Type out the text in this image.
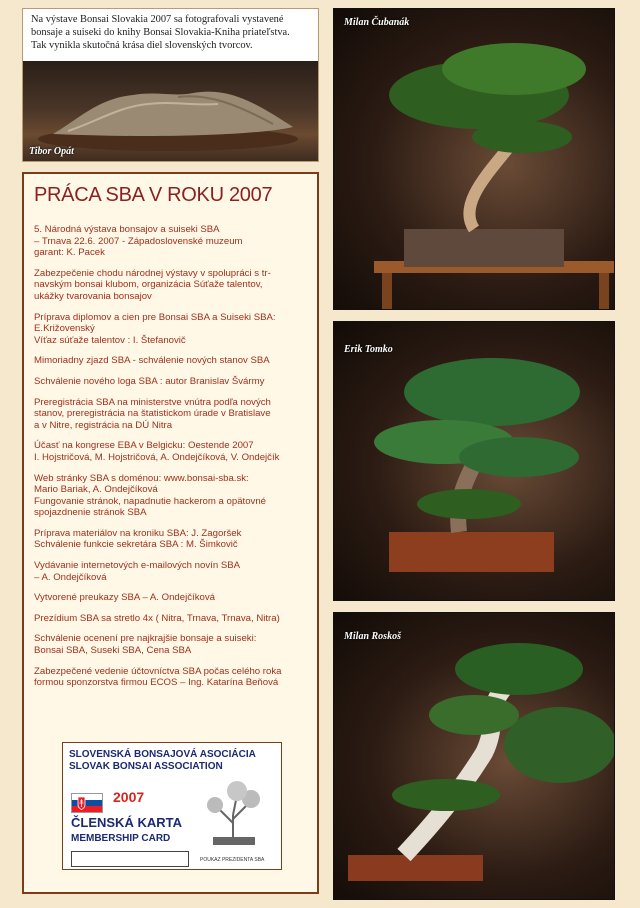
Na výstave Bonsai Slovakia 2007 sa fotografovali vystavené
bonsaje a suiseki do knihy Bonsai Slovakia-Kniha priateľstva.
Tak vynikla skutočná krása diel slovenských tvorcov.
Tibor Opát
PRÁCA SBA V ROKU 2007
5. Národná výstava bonsajov a suiseki SBA
– Trnava 22.6. 2007 - Západoslovenské muzeum
garant: K. Pacek
Zabezpečenie chodu národnej výstavy v spolupráci s tr-
navským bonsai klubom, organizácia Súťaže talentov,
ukážky tvarovania bonsajov
Príprava diplomov a cien pre Bonsai SBA a Suiseki SBA:
E.Križovenský
Víťaz súťaže talentov : I. Štefanovič
Mimoriadny zjazd SBA - schválenie nových stanov SBA
Schválenie nového loga SBA : autor Branislav Švármy
Preregistrácia SBA na ministerstve vnútra podľa nových
stanov, preregistrácia na štatistickom úrade v Bratislave
a v Nitre, registrácia na DÚ Nitra
Účasť na kongrese EBA v Belgicku: Oestende 2007
I. Hojstričová, M. Hojstričová, A. Ondejčíková, V. Ondejčík
Web stránky SBA s doménou: www.bonsai-sba.sk:
Mario Bariak, A. Ondejčíková
Fungovanie stránok, napadnutie hackerom a opätovné
spojazdnenie stránok SBA
Príprava materiálov na kroniku SBA: J. Zagoršek
Schválenie funkcie sekretára SBA : M. Šimkovič
Vydávanie internetových e-mailových novín SBA
– A. Ondejčíková
Vytvorené preukazy SBA – A. Ondejčíková
Prezídium SBA sa stretlo 4x ( Nitra, Trnava, Trnava, Nitra)
Schválenie ocenení pre najkrajšie bonsaje a suiseki:
Bonsai SBA, Suseki SBA, Cena SBA
Zabezpečené vedenie účtovníctva SBA počas celého roka
formou sponzorstva firmou ECOS – Ing. Katarína Beňová
SLOVENSKÁ BONSAJOVÁ ASOCIÁCIA
SLOVAK BONSAI ASSOCIATION
2007
ČLENSKÁ KARTA
MEMBERSHIP CARD
POUKAZ PREZIDENTA SBA
Milan Čubanák
Erik Tomko
Milan Roskoš
